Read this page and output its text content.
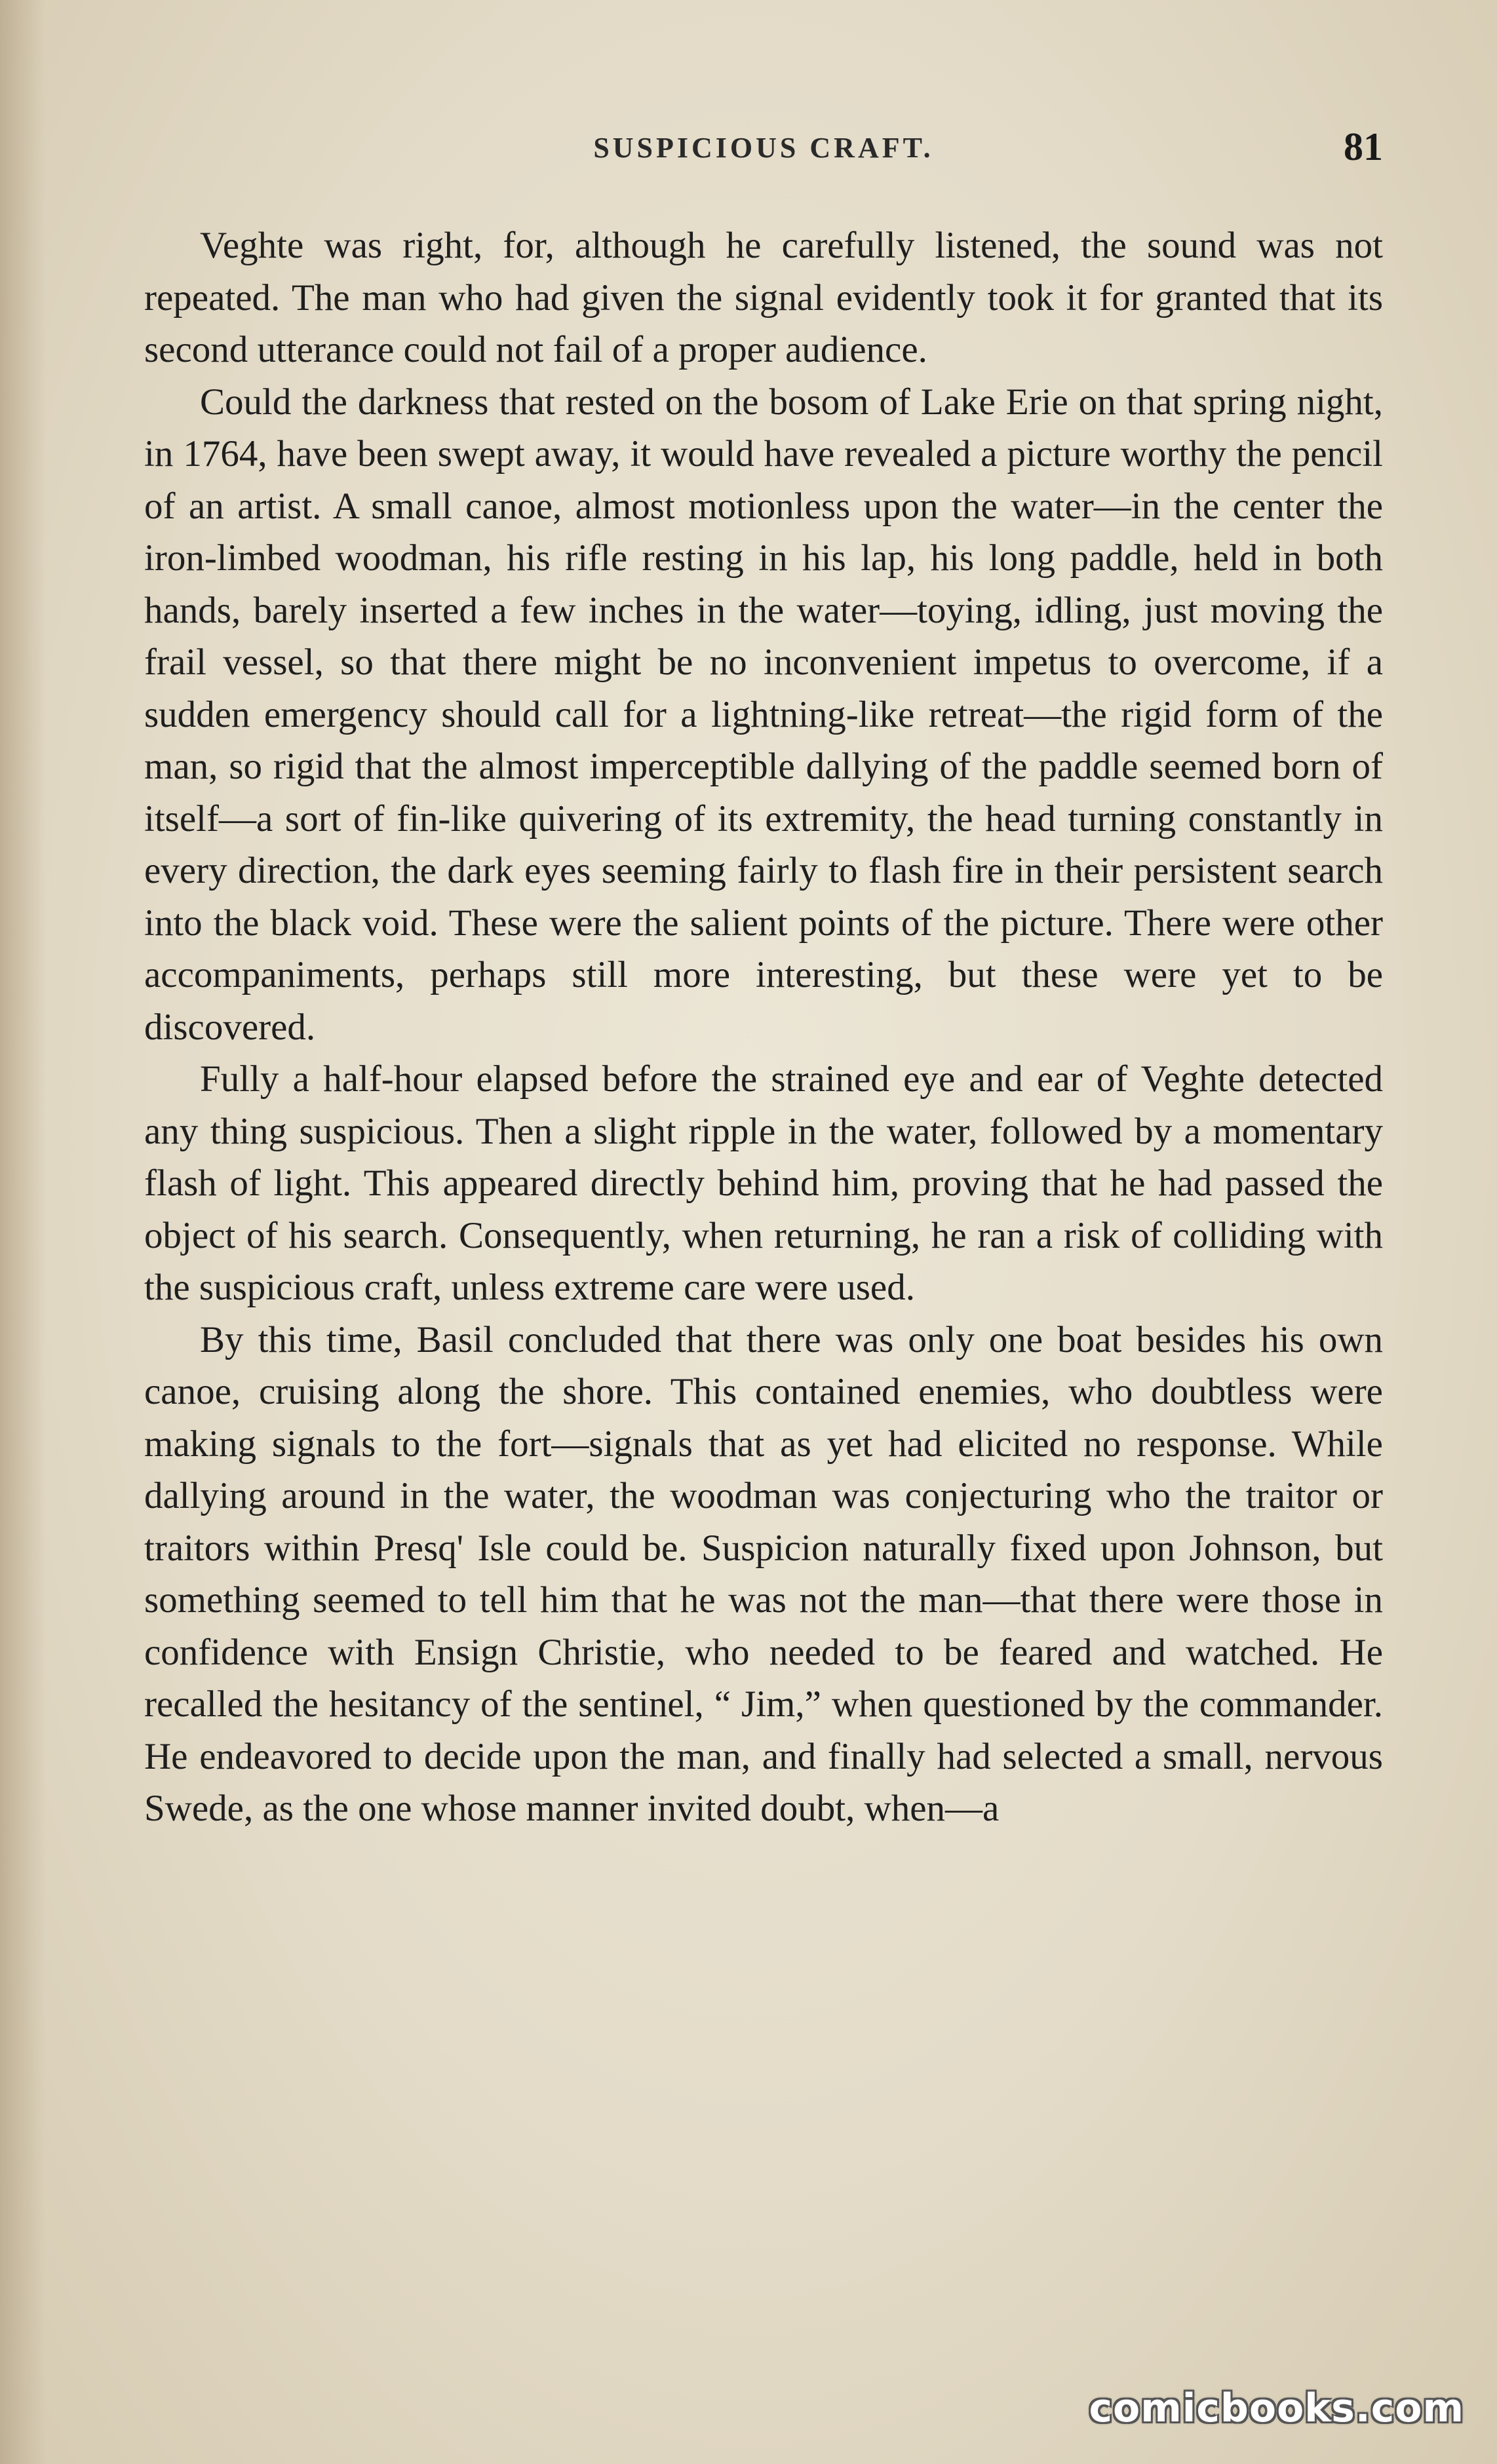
SUSPICIOUS CRAFT.	81

Veghte was right, for, although he carefully listened, the sound was not repeated. The man who had given the signal evidently took it for granted that its second utterance could not fail of a proper audience.

Could the darkness that rested on the bosom of Lake Erie on that spring night, in 1764, have been swept away, it would have revealed a picture worthy the pencil of an artist. A small canoe, almost motionless upon the water—in the center the iron-limbed woodman, his rifle resting in his lap, his long paddle, held in both hands, barely inserted a few inches in the water—toying, idling, just moving the frail vessel, so that there might be no inconvenient impetus to overcome, if a sudden emergency should call for a lightning-like retreat—the rigid form of the man, so rigid that the almost imperceptible dallying of the paddle seemed born of itself—a sort of fin-like quivering of its extremity, the head turning constantly in every direction, the dark eyes seeming fairly to flash fire in their persistent search into the black void. These were the salient points of the picture. There were other accompaniments, perhaps still more interesting, but these were yet to be discovered.

Fully a half-hour elapsed before the strained eye and ear of Veghte detected any thing suspicious. Then a slight ripple in the water, followed by a momentary flash of light. This appeared directly behind him, proving that he had passed the object of his search. Consequently, when returning, he ran a risk of colliding with the suspicious craft, unless extreme care were used.

By this time, Basil concluded that there was only one boat besides his own canoe, cruising along the shore. This contained enemies, who doubtless were making signals to the fort—signals that as yet had elicited no response. While dallying around in the water, the woodman was conjecturing who the traitor or traitors within Presq' Isle could be. Suspicion naturally fixed upon Johnson, but something seemed to tell him that he was not the man—that there were those in confidence with Ensign Christie, who needed to be feared and watched. He recalled the hesitancy of the sentinel, “ Jim,” when questioned by the commander. He endeavored to decide upon the man, and finally had selected a small, nervous Swede, as the one whose manner invited doubt, when—a

comicbooks.com
